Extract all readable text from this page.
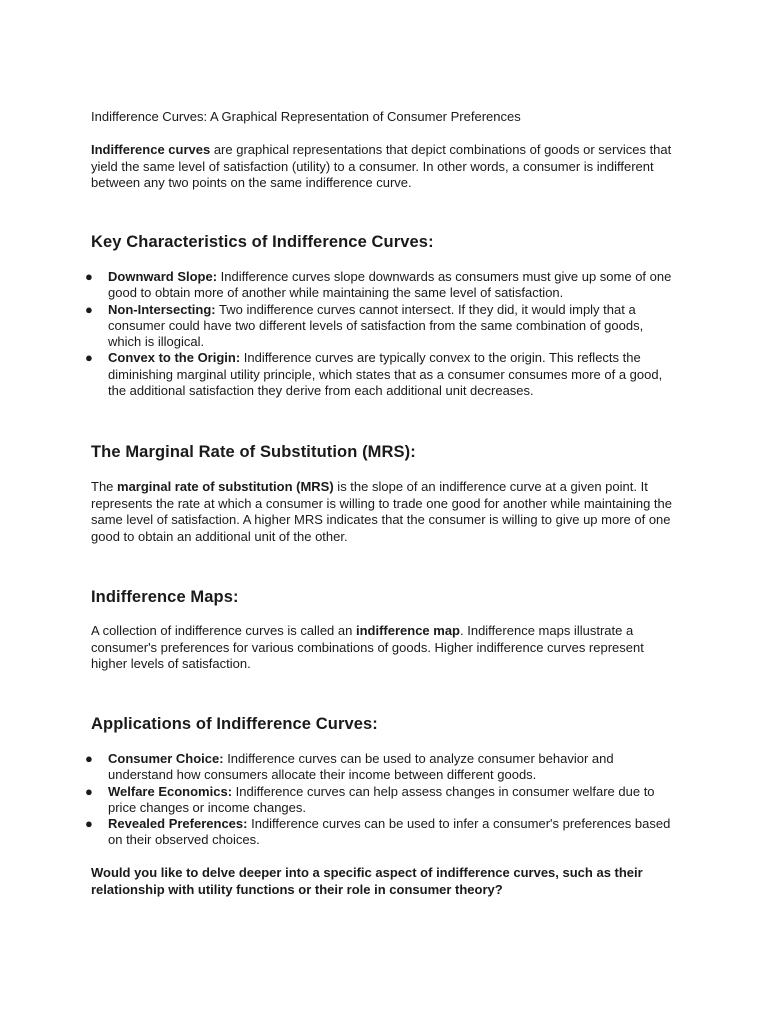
Indifference Curves: A Graphical Representation of Consumer Preferences

Indifference curves are graphical representations that depict combinations of goods or services that yield the same level of satisfaction (utility) to a consumer. In other words, a consumer is indifferent between any two points on the same indifference curve.

Key Characteristics of Indifference Curves:
● Downward Slope: Indifference curves slope downwards as consumers must give up some of one good to obtain more of another while maintaining the same level of satisfaction.
● Non-Intersecting: Two indifference curves cannot intersect. If they did, it would imply that a consumer could have two different levels of satisfaction from the same combination of goods, which is illogical.
● Convex to the Origin: Indifference curves are typically convex to the origin. This reflects the diminishing marginal utility principle, which states that as a consumer consumes more of a good, the additional satisfaction they derive from each additional unit decreases.
The Marginal Rate of Substitution (MRS):

The marginal rate of substitution (MRS) is the slope of an indifference curve at a given point. It represents the rate at which a consumer is willing to trade one good for another while maintaining the same level of satisfaction. A higher MRS indicates that the consumer is willing to give up more of one good to obtain an additional unit of the other.

Indifference Maps:

A collection of indifference curves is called an indifference map. Indifference maps illustrate a consumer's preferences for various combinations of goods. Higher indifference curves represent higher levels of satisfaction.

Applications of Indifference Curves:
● Consumer Choice: Indifference curves can be used to analyze consumer behavior and understand how consumers allocate their income between different goods.
● Welfare Economics: Indifference curves can help assess changes in consumer welfare due to price changes or income changes.
● Revealed Preferences: Indifference curves can be used to infer a consumer's preferences based on their observed choices.

Would you like to delve deeper into a specific aspect of indifference curves, such as their relationship with utility functions or their role in consumer theory?
